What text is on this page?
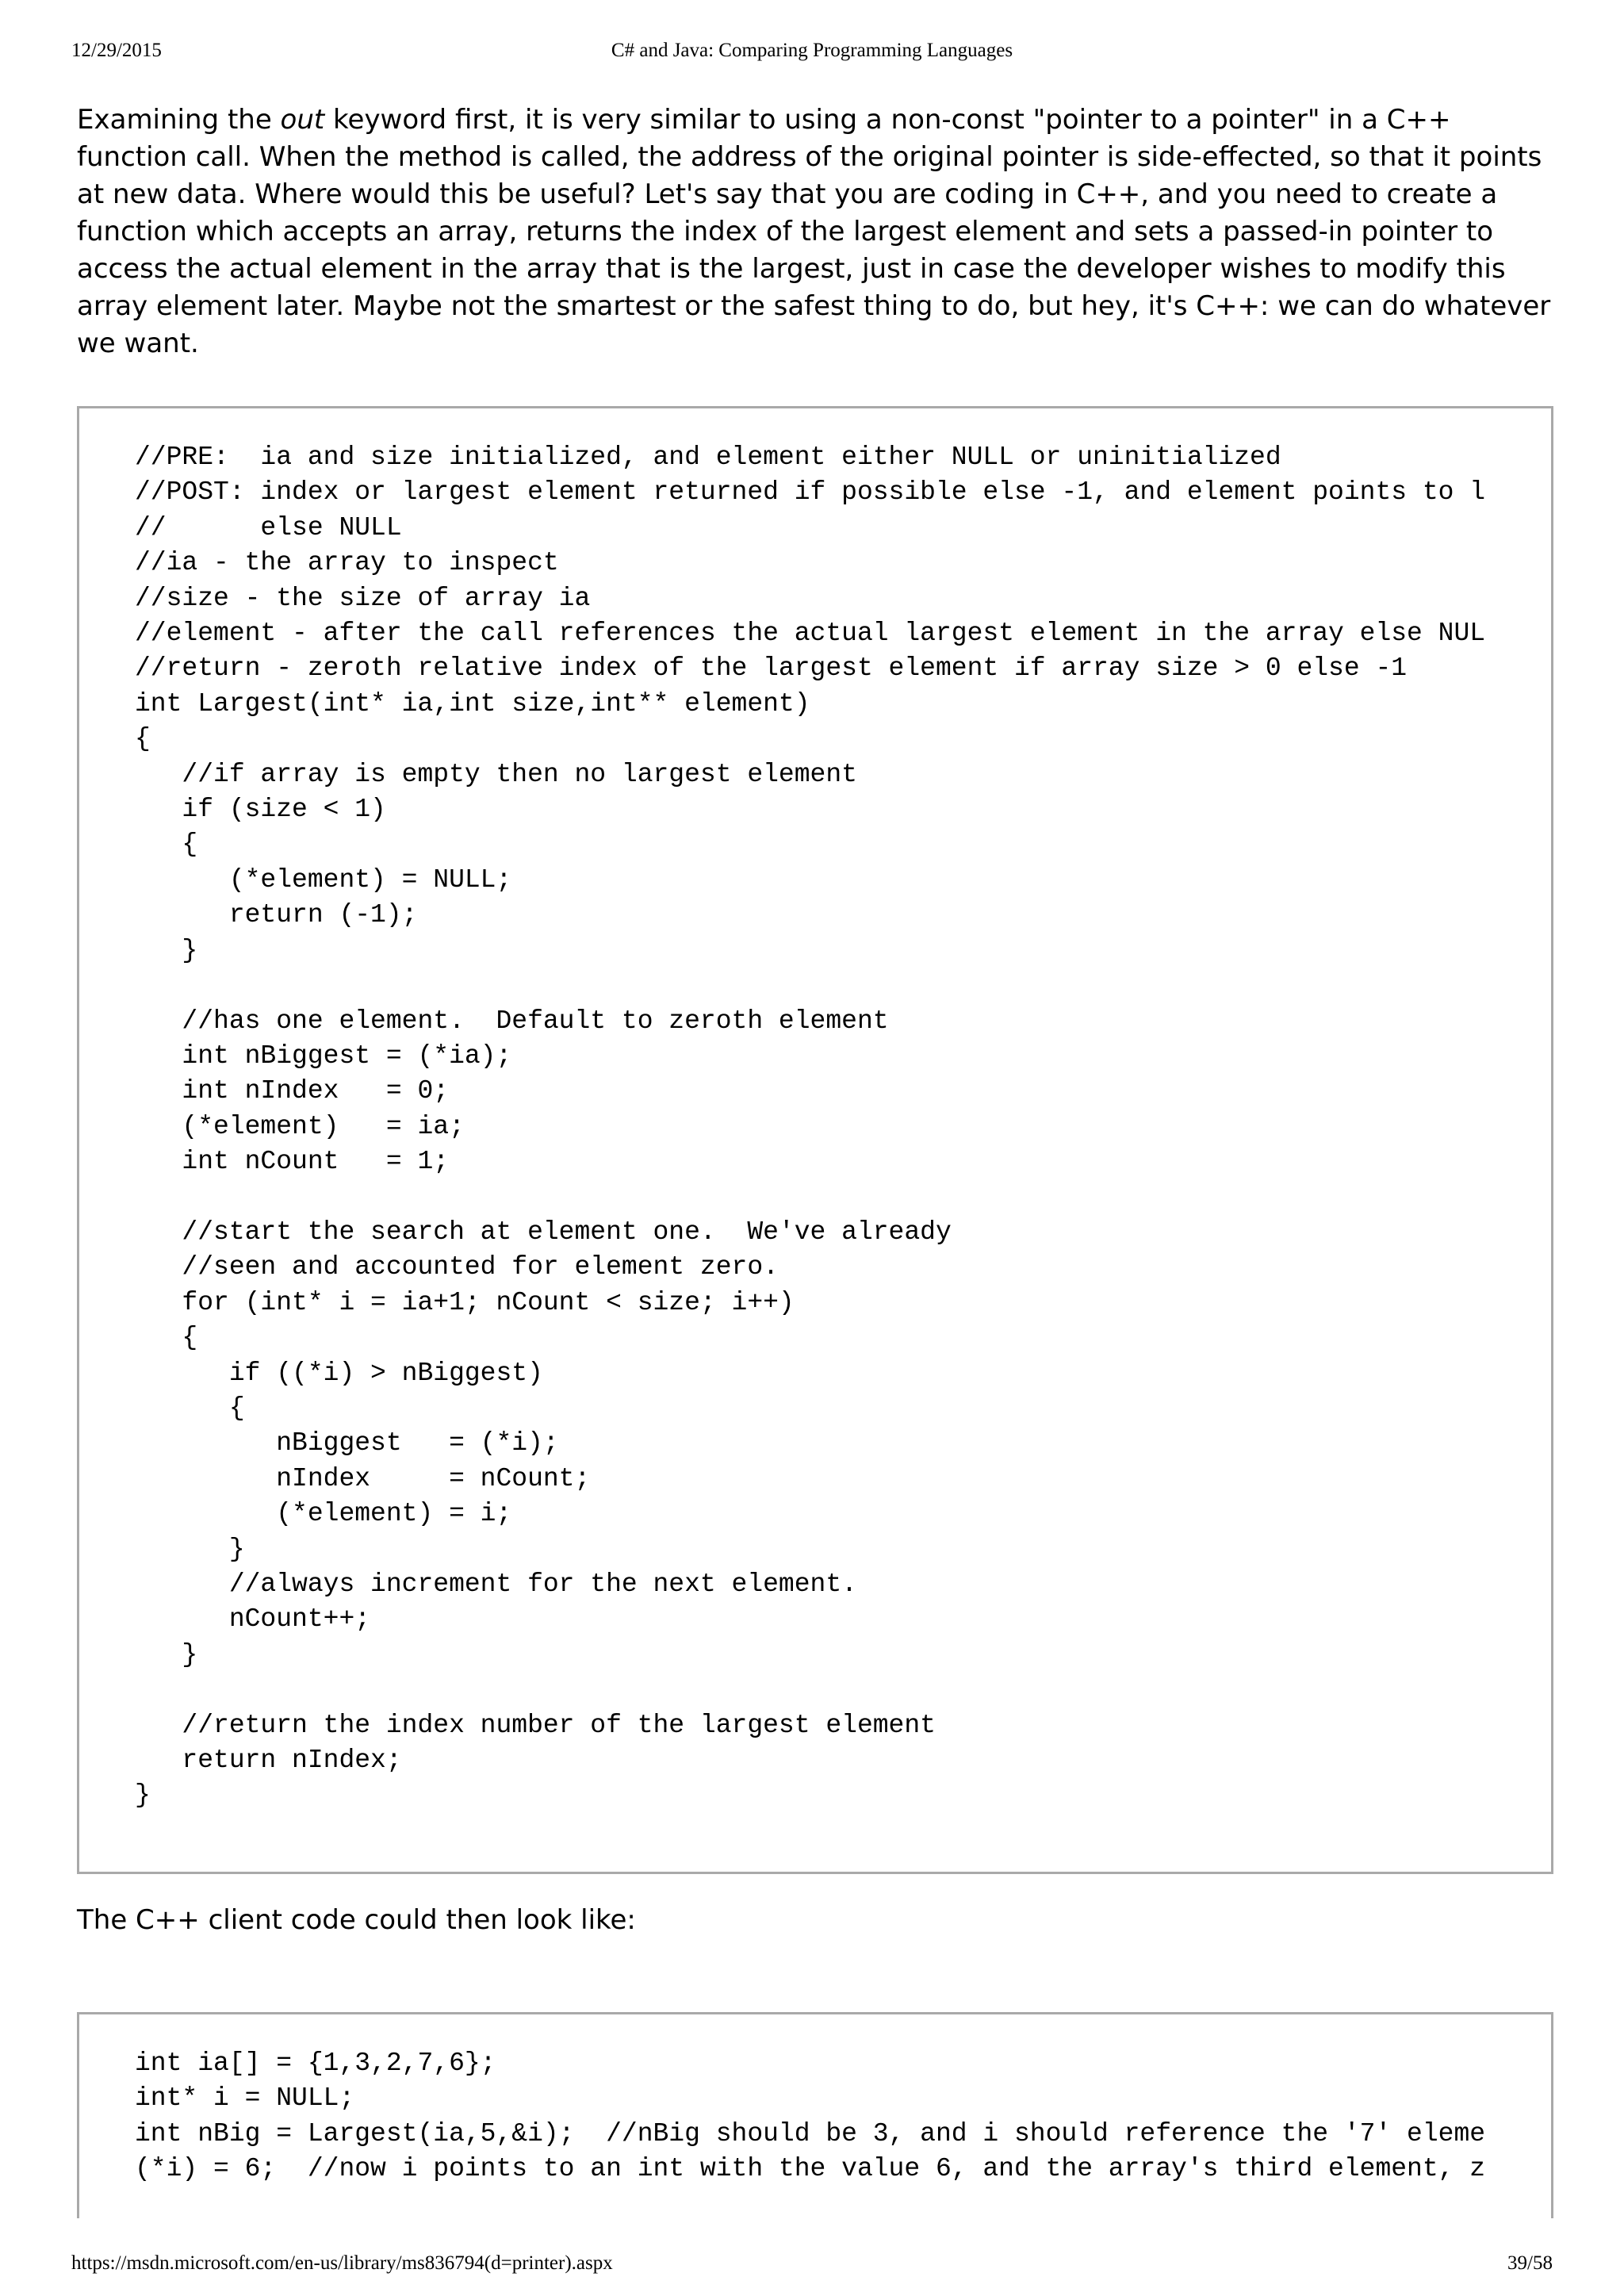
12/29/2015	C# and Java: Comparing Programming Languages

Examining the out keyword first, it is very similar to using a non-const "pointer to a pointer" in a C++ function call. When the method is called, the address of the original pointer is side-effected, so that it points at new data. Where would this be useful? Let's say that you are coding in C++, and you need to create a function which accepts an array, returns the index of the largest element and sets a passed-in pointer to access the actual element in the array that is the largest, just in case the developer wishes to modify this array element later. Maybe not the smartest or the safest thing to do, but hey, it's C++: we can do whatever we want.

//PRE:  ia and size initialized, and element either NULL or uninitialized
//POST: index or largest element returned if possible else -1, and element points to l
//      else NULL
//ia - the array to inspect
//size - the size of array ia
//element - after the call references the actual largest element in the array else NUL
//return - zeroth relative index of the largest element if array size > 0 else -1
int Largest(int* ia,int size,int** element)
{
//if array is empty then no largest element
if (size < 1)
{
(*element) = NULL;
return (-1);
}

//has one element.  Default to zeroth element
int nBiggest = (*ia);
int nIndex   = 0;
(*element)   = ia;
int nCount   = 1;

//start the search at element one.  We've already
//seen and accounted for element zero.
for (int* i = ia+1; nCount < size; i++)
{
if ((*i) > nBiggest)
{
nBiggest   = (*i);
nIndex     = nCount;
(*element) = i;
}
//always increment for the next element.
nCount++;
}

//return the index number of the largest element
return nIndex;
}
The C++ client code could then look like:
int ia[] = {1,3,2,7,6};
int* i = NULL;
int nBig = Largest(ia,5,&i);  //nBig should be 3, and i should reference the '7' eleme
(*i) = 6;  //now i points to an int with the value 6, and the array's third element, z
https://msdn.microsoft.com/en-us/library/ms836794(d=printer).aspx	39/58
